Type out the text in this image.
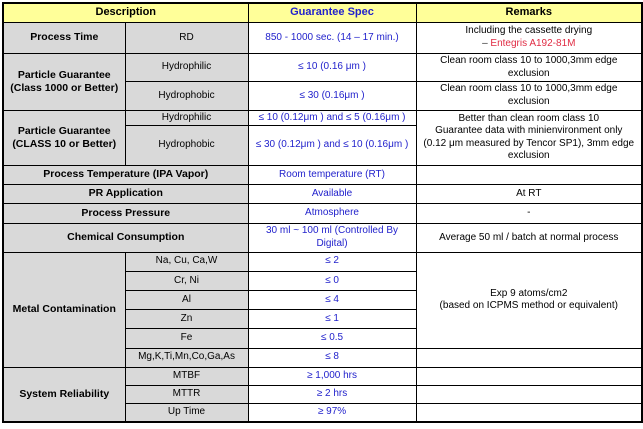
Description		Guarantee Spec	Remarks
Process Time	RD	850 - 1000 sec. (14 – 17 min.)	Including the cassette drying
– Entegris A192-81M

Particle Guarantee (Class 1000 or Better)	Hydrophilic	≤ 10 (0.16 μm )	Clean room class 10 to 1000,3mm edge exclusion
	Hydrophobic	≤ 30 (0.16μm )	Clean room class 10 to 1000,3mm edge exclusion
Particle Guarantee (CLASS 10 or Better)	Hydrophilic	≤ 10 (0.12μm ) and ≤ 5 (0.16μm )	Better than clean room class 10
Guarantee data with minienvironment only
(0.12 μm measured by Tencor SP1), 3mm edge
exclusion

	Hydrophobic	≤ 30 (0.12μm ) and ≤ 10 (0.16μm )	
Process Temperature (IPA Vapor)		Room temperature (RT)	
PR Application		Available	At RT
Process Pressure		Atmosphere	-
Chemical Consumption		30 ml ~ 100 ml (Controlled By Digital)	Average 50 ml / batch at normal process
Metal Contamination	Na, Cu, Ca,W	≤ 2	Exp 9 atoms/cm2
(based on ICPMS method or equivalent)

	Cr, Ni	≤ 0	
	Al	≤ 4	
	Zn	≤ 1	
	Fe	≤ 0.5	
	Mg,K,Ti,Mn,Co,Ga,As	≤ 8	
System Reliability	MTBF	≥ 1,000 hrs	
	MTTR	≥ 2 hrs	
	Up Time	≥ 97%	
